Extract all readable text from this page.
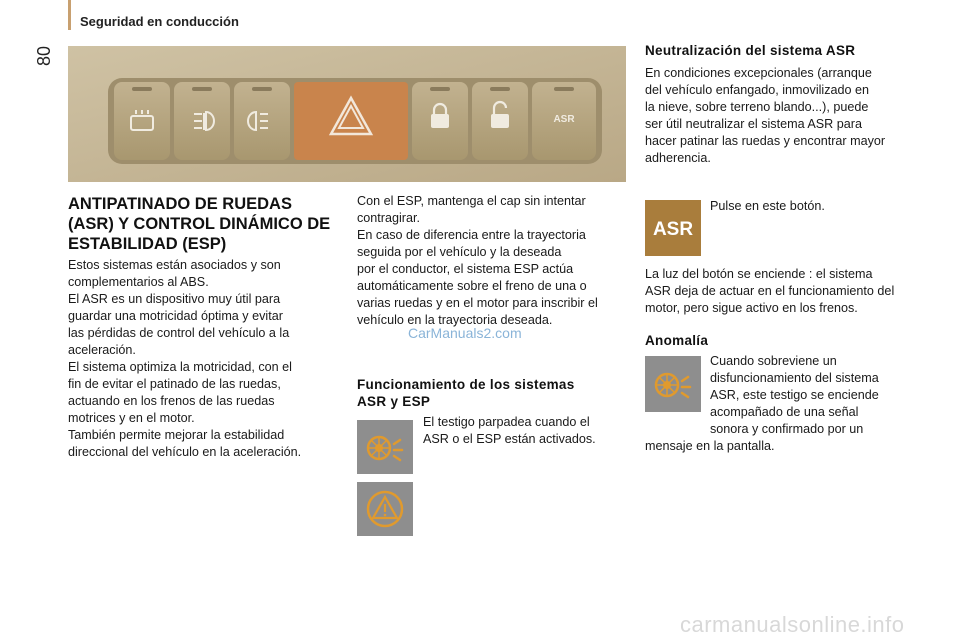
Seguridad en conducción
80
ASR
ANTIPATINADO DE RUEDAS
(ASR) Y CONTROL DINÁMICO DE
ESTABILIDAD (ESP)

Estos sistemas están asociados y son

complementarios al ABS.

El ASR es un dispositivo muy útil para

guardar una motricidad óptima y evitar

las pérdidas de control del vehículo a la

aceleración.

El sistema optimiza la motricidad, con el

fin de evitar el patinado de las ruedas,

actuando en los frenos de las ruedas

motrices y en el motor.

También permite mejorar la estabilidad

direccional del vehículo en la aceleración.

Con el ESP, mantenga el cap sin intentar

contragirar.

En caso de diferencia entre la trayectoria

seguida por el vehículo y la deseada

por el conductor, el sistema ESP actúa

automáticamente sobre el freno de una o

varias ruedas y en el motor para inscribir el

vehículo en la trayectoria deseada.

CarManuals2.com
Funcionamiento de los sistemas
ASR y ESP

El testigo parpadea cuando el

ASR o el ESP están activados.

Neutralización del sistema ASR

En condiciones excepcionales (arranque

del vehículo enfangado, inmovilizado en

la nieve, sobre terreno blando...), puede

ser útil neutralizar el sistema ASR para

hacer patinar las ruedas y encontrar mayor

adherencia.

ASR
Pulse en este botón.

La luz del botón se enciende : el sistema

ASR deja de actuar en el funcionamiento del

motor, pero sigue activo en los frenos.

Anomalía

Cuando sobreviene un

disfuncionamiento del sistema

ASR, este testigo se enciende

acompañado de una señal

sonora y confirmado por un

mensaje en la pantalla.
carmanualsonline.info
